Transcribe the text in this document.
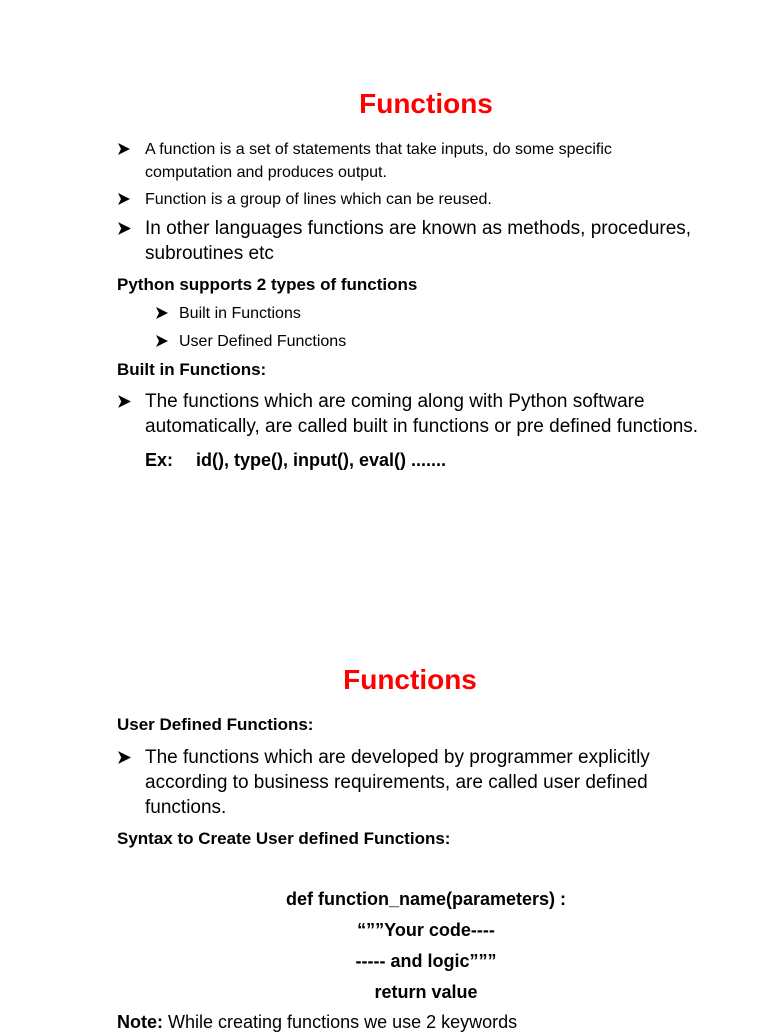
Functions
A function is a set of statements that take inputs, do some specific computation and produces output.
Function is a group of lines which can be reused.
In other languages functions are known as methods, procedures, subroutines etc
Python supports 2 types of functions
Built in Functions
User Defined Functions
Built in Functions:
The functions which are coming along with Python software automatically, are called built in functions or pre defined functions.
Ex: id(), type(), input(), eval() .......
Functions
User Defined Functions:
The functions which are developed by programmer explicitly according to business requirements, are called user defined functions.
Syntax to Create User defined Functions:
def function_name(parameters) :
“””Your code----
----- and logic”””
return value
Note: While creating functions we use 2 keywords
